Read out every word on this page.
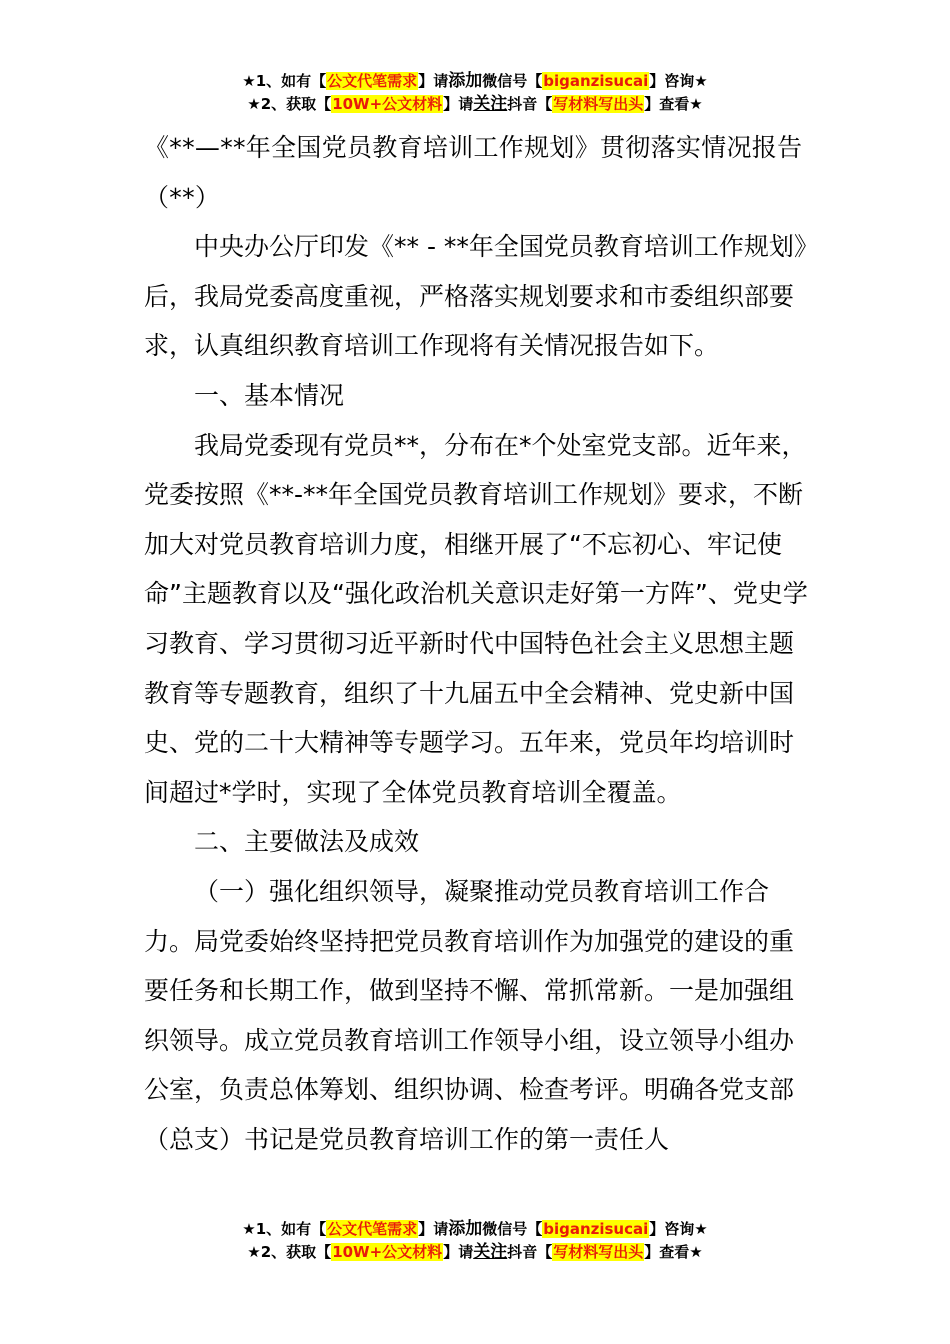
★1、如有【公文代笔需求】请添加微信号【biganzisucai】咨询★
★2、获取【10W+公文材料】请关注抖音【写材料写出头】查看★

《**—**年全国党员教育培训工作规划》贯彻落实情况报告（**）

中央办公厅印发《** - **年全国党员教育培训工作规划》后，我局党委高度重视，严格落实规划要求和市委组织部要求，认真组织教育培训工作现将有关情况报告如下。

一、基本情况

我局党委现有党员**，分布在*个处室党支部。近年来，党委按照《**-**年全国党员教育培训工作规划》要求，不断加大对党员教育培训力度，相继开展了“不忘初心、牢记使命”主题教育以及“强化政治机关意识走好第一方阵”、党史学习教育、学习贯彻习近平新时代中国特色社会主义思想主题教育等专题教育，组织了十九届五中全会精神、党史新中国史、党的二十大精神等专题学习。五年来，党员年均培训时间超过*学时，实现了全体党员教育培训全覆盖。

二、主要做法及成效

（一）强化组织领导，凝聚推动党员教育培训工作合力。局党委始终坚持把党员教育培训作为加强党的建设的重要任务和长期工作，做到坚持不懈、常抓常新。一是加强组织领导。成立党员教育培训工作领导小组，设立领导小组办公室，负责总体筹划、组织协调、检查考评。明确各党支部（总支）书记是党员教育培训工作的第一责任人

★1、如有【公文代笔需求】请添加微信号【biganzisucai】咨询★
★2、获取【10W+公文材料】请关注抖音【写材料写出头】查看★
